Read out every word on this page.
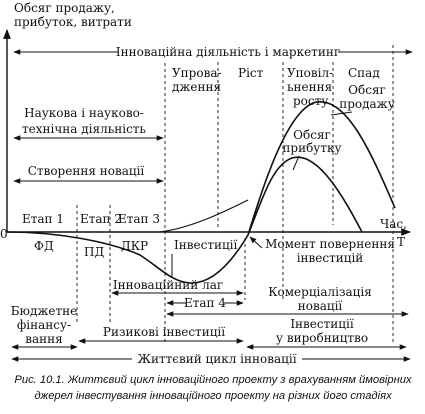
Обсяг продажу,
прибуток, витрати
Час,
Т
0
Інноваційна діяльність і маркетинг
Упрова-
дження
Ріст Уповіл-
ьнення
росту
Спад
Наукова і науково-
технічна діяльність
Створення новації
Етап 1 Етап 2
Етап 3
ФД	ПД ДКР
Обсяг
продажу
Обсяг
прибутку
Інвестиції Момент повернення
інвестицій
Інноваційний лаг
Етап 4
Комерціалізація
новації
Бюджетне
фінансу-
вання	Ризикові інвестиції
Інвестиції
у виробництво
Життєвий цикл інновації
Рис. 10.1. Життєвий цикл інноваційного проекту з врахуванням ймовірних джерел інвестування інноваційного проекту на різних його стадіях
